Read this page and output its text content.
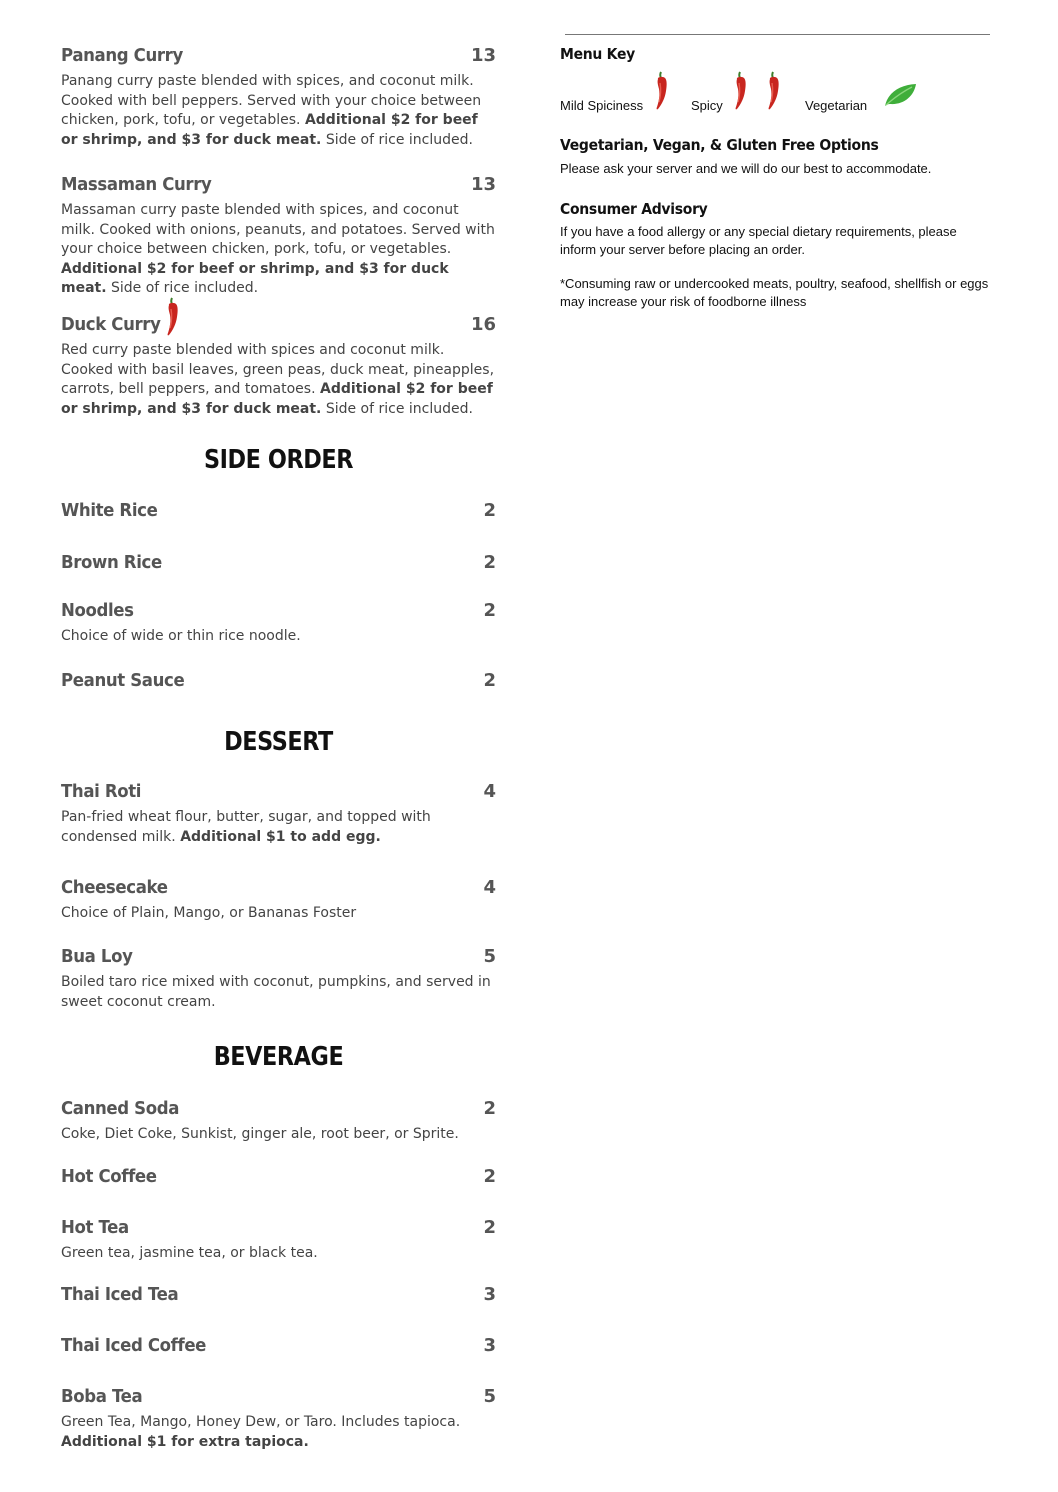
Panang Curry	13
Panang curry paste blended with spices, and coconut milk. Cooked with bell peppers. Served with your choice between chicken, pork, tofu, or vegetables. Additional $2 for beef or shrimp, and $3 for duck meat. Side of rice included.
Massaman Curry	13
Massaman curry paste blended with spices, and coconut milk. Cooked with onions, peanuts, and potatoes. Served with your choice between chicken, pork, tofu, or vegetables. Additional $2 for beef or shrimp, and $3 for duck meat. Side of rice included.
Duck Curry	16
Red curry paste blended with spices and coconut milk. Cooked with basil leaves, green peas, duck meat, pineapples, carrots, bell peppers, and tomatoes. Additional $2 for beef or shrimp, and $3 for duck meat. Side of rice included.
SIDE ORDER
White Rice	2
Brown Rice	2
Noodles	2
Choice of wide or thin rice noodle.
Peanut Sauce	2
DESSERT
Thai Roti	4
Pan-fried wheat flour, butter, sugar, and topped with condensed milk. Additional $1 to add egg.
Cheesecake	4
Choice of Plain, Mango, or Bananas Foster
Bua Loy	5
Boiled taro rice mixed with coconut, pumpkins, and served in sweet coconut cream.
BEVERAGE
Canned Soda	2
Coke, Diet Coke, Sunkist, ginger ale, root beer, or Sprite.
Hot Coffee	2
Hot Tea	2
Green tea, jasmine tea, or black tea.
Thai Iced Tea	3
Thai Iced Coffee	3
Boba Tea	5
Green Tea, Mango, Honey Dew, or Taro. Includes tapioca.
Additional $1 for extra tapioca.
Menu Key
Mild Spiciness	Spicy	Vegetarian
Vegetarian, Vegan, & Gluten Free Options
Please ask your server and we will do our best to accommodate.
Consumer Advisory
If you have a food allergy or any special dietary requirements, please inform your server before placing an order.
*Consuming raw or undercooked meats, poultry, seafood, shellfish or eggs may increase your risk of foodborne illness
